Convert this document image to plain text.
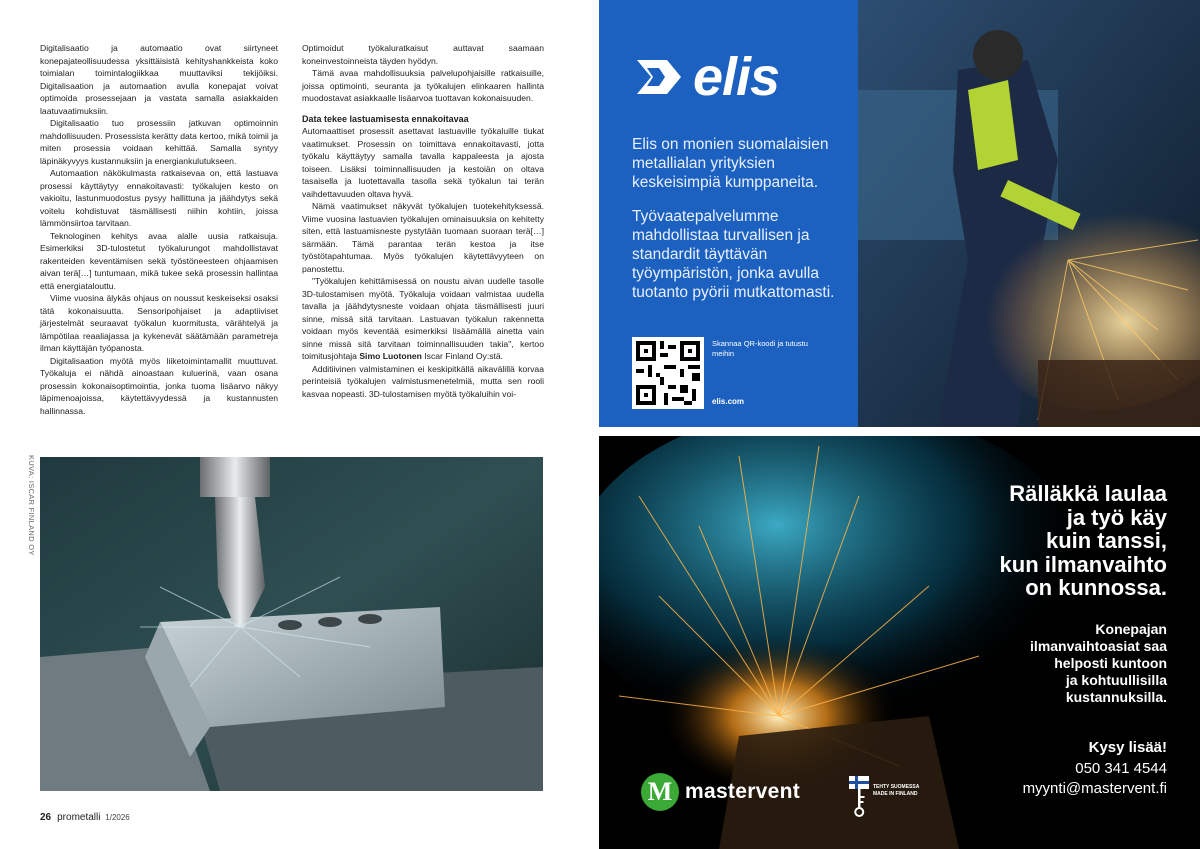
Digitalisaatio ja automaatio ovat siirtyneet konepajateollisuudessa yksittäisistä kehityshankkeista koko toimialan toimintalogiikkaa muuttaviksi tekijöiksi. Digitalisaation ja automaation avulla konepajat voivat optimoida prosessejaan ja vastata samalla asiakkaiden laatuvaatimuksiin.

Digitalisaatio tuo prosessiin jatkuvan optimoinnin mahdollisuuden. Prosessista kerätty data kertoo, mikä toimii ja miten prosessia voidaan kehittää. Samalla syntyy läpinäkyvyys kustannuksiin ja energiankulutukseen.

Automaation näkökulmasta ratkaisevaa on, että lastuava prosessi käyttäytyy ennakoitavasti: työkalujen kesto on vakioitu, lastunmuodostus pysyy hallittuna ja jäähdytys sekä voitelu kohdistuvat täsmällisesti niihin kohtiin, joissa lämmönsiirtoa tarvitaan.

Teknologinen kehitys avaa alalle uusia ratkaisuja. Esimerkiksi 3D-tulostetut työkalurungot mahdollistavat rakenteiden keventämisen sekä työstöneesteen ohjaamisen aivan terä[…] tuntumaan, mikä tukee sekä prosessin hallintaa että energiatalouttu.

Viime vuosina älykäs ohjaus on noussut keskeiseksi osaksi tätä kokonaisuutta. Sensoripohjaiset ja adaptiiviset järjestelmät seuraavat työkalun kuormitusta, värähtelyä ja lämpötilaa reaaliajassa ja kykenevät säätämään parametreja ilman käyttäjän työpanosta.

Digitalisaation myötä myös liiketoimintamallit muuttuvat. Työkaluja ei nähdä ainoastaan kuluerinä, vaan osana prosessin kokonaisoptimointia, jonka tuoma lisäarvo näkyy läpimenoajoissa, käytettävyydessä ja kustannusten hallinnassa.

Optimoidut työkaluratkaisut auttavat saamaan koneinvestoinneista täyden hyödyn.

Tämä avaa mahdollisuuksia palvelupohjaisille ratkaisuille, joissa optimointi, seuranta ja työkalujen elinkaaren hallinta muodostavat asiakkaalle lisäarvoa tuottavan kokonaisuuden.

Data tekee lastuamisesta ennakoitavaa

Automaattiset prosessit asettavat lastuaville työkaluille tiukat vaatimukset. Prosessin on toimittava ennakoitavasti, jotta työkalu käyttäytyy samalla tavalla kappaleesta ja ajosta toiseen. Lisäksi toiminnallisuuden ja kestoiän on oltava tasaisella ja luotettavalla tasolla sekä työkalun tai terän vaihdettavuuden oltava hyvä.

Nämä vaatimukset näkyvät työkalujen tuotekehityksessä. Viime vuosina lastuavien työkalujen ominaisuuksia on kehitetty siten, että lastuamisneste pystytään tuomaan suoraan terä[…] särmään. Tämä parantaa terän kestoa ja itse työstötapahtumaa. Myös työkalujen käytettävyyteen on panostettu.

"Työkalujen kehittämisessä on noustu aivan uudelle tasolle 3D-tulostamisen myötä. Työkaluja voidaan valmistaa uudella tavalla ja jäähdytysneste voidaan ohjata täsmällisesti juuri sinne, missä sitä tarvitaan. Lastuavan työkalun rakennetta voidaan myös keventää esimerkiksi lisäämällä ainetta vain sinne missä sitä tarvitaan toiminnallisuuden takia", kertoo toimitusjohtaja Simo Luotonen Iscar Finland Oy:stä.

Additiivinen valmistaminen ei keskipitkällä aikavälillä korvaa perinteisiä työkalujen valmistusmenetelmiä, mutta sen rooli kasvaa nopeasti. 3D-tulostamisen myötä työkaluihin voi-

KUVA: ISCAR FINLAND OY
26 prometalli 1/2026
elis
Elis on monien suomalaisien metallialan yrityksien keskeisimpiä kumppaneita.
Työvaatepalvelumme mahdollistaa turvallisen ja standardit täyttävän työympäristön, jonka avulla tuotanto pyörii mutkattomasti.
Skannaa QR-koodi ja tutustu meihin
elis.com
Rälläkkä laulaa
ja työ käy
kuin tanssi,
kun ilmanvaihto
on kunnossa.
Konepajan
ilmanvaihtoasiat saa
helposti kuntoon
ja kohtuullisilla
kustannuksilla.
Kysy lisää!
050 341 4544
myynti@mastervent.fi
M mastervent	TEHTY SUOMESSA
MADE IN FINLAND
